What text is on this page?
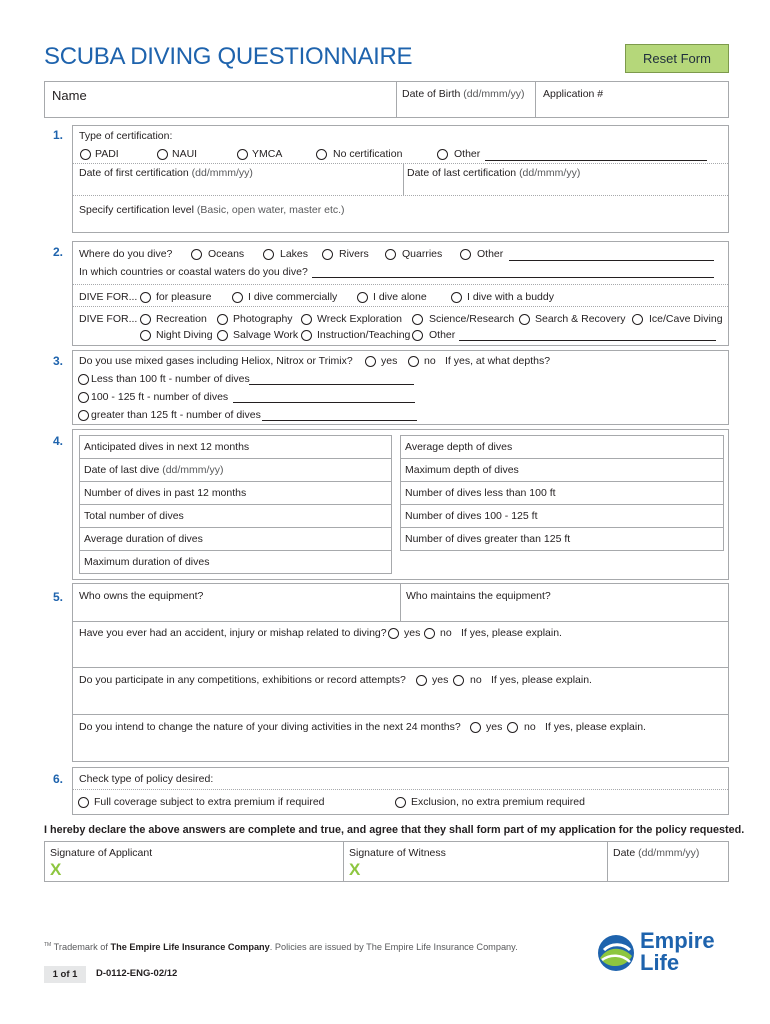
SCUBA DIVING QUESTIONNAIRE	Reset Form
Name	Date of Birth (dd/mmm/yy) Application #
1. Type of certification:
PADI	NAUI	YMCA	No certification	Other
Date of first certification (dd/mmm/yy)	Date of last certification (dd/mmm/yy)
Specify certification level (Basic, open water, master etc.)
2. Where do you dive?	Oceans	Lakes	Rivers	Quarries	Other
In which countries or coastal waters do you dive?
DIVE FOR... for pleasure	I dive commercially	I dive alone	I dive with a buddy
DIVE FOR... Recreation Photography Wreck Exploration	Science/Research Search & Recovery Ice/Cave Diving
Night Diving Salvage Work Instruction/Teaching Other
3. Do you use mixed gases including Heliox, Nitrox or Trimix?	yes	no If yes, at what depths?
Less than 100 ft - number of dives
100 - 125 ft - number of dives
greater than 125 ft - number of dives
4. Anticipated dives in next 12 months
Date of last dive (dd/mmm/yy)
Number of dives in past 12 months
Total number of dives
Average duration of dives
Maximum duration of dives
Average depth of dives
Maximum depth of dives
Number of dives less than 100 ft
Number of dives 100 - 125 ft
Number of dives greater than 125 ft
5. Who owns the equipment?	Who maintains the equipment?
Have you ever had an accident, injury or mishap related to diving? yes no If yes, please explain.
Do you participate in any competitions, exhibitions or record attempts? yes no If yes, please explain.
Do you intend to change the nature of your diving activities in the next 24 months? yes no If yes, please explain.
6. Check type of policy desired:
Full coverage subject to extra premium if required	Exclusion, no extra premium required
I hereby declare the above answers are complete and true, and agree that they shall form part of my application for the policy requested.
Signature of Applicant
X
Signature of Witness
X
Date (dd/mmm/yy)
™ Trademark of The Empire Life Insurance Company. Policies are issued by The Empire Life Insurance Company.
1 of 1	D-0112-ENG-02/12
Empire
Life
